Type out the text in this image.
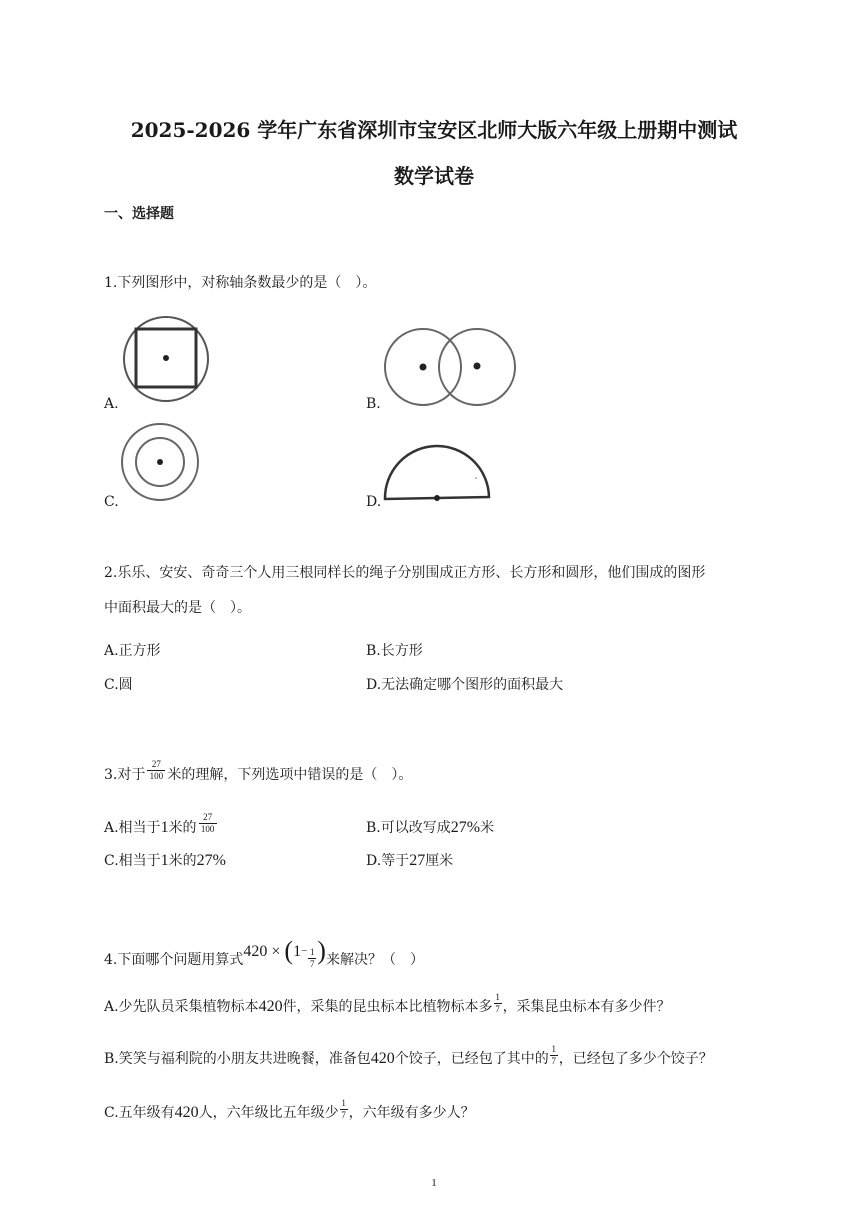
2025-2026 学年广东省深圳市宝安区北师大版六年级上册期中测试
数学试卷
一、选择题
1.下列图形中，对称轴条数最少的是（　）。
A.	B.
C.	D.
2.乐乐、安安、奇奇三个人用三根同样长的绳子分别围成正方形、长方形和圆形，他们围成的图形
中面积最大的是（　）。
A.正方形	B.长方形
C.圆	D.无法确定哪个图形的面积最大
3.对于
27
100 米的理解，下列选项中错误的是（　）。
A.相当于1米的
27
100	B.可以改写成27%米
C.相当于1米的27%	D.等于27厘米
4.下面哪个问题用算式420 × (1− 1
7 )来解决？（　）
A.少先队员采集植物标本420件，采集的昆虫标本比植物标本多
1
7 ，采集昆虫标本有多少件？
B.笑笑与福利院的小朋友共进晚餐，准备包420个饺子，已经包了其中的
1
7 ，已经包了多少个饺子？
C.五年级有420人，六年级比五年级少
1
7 ，六年级有多少人？
1
